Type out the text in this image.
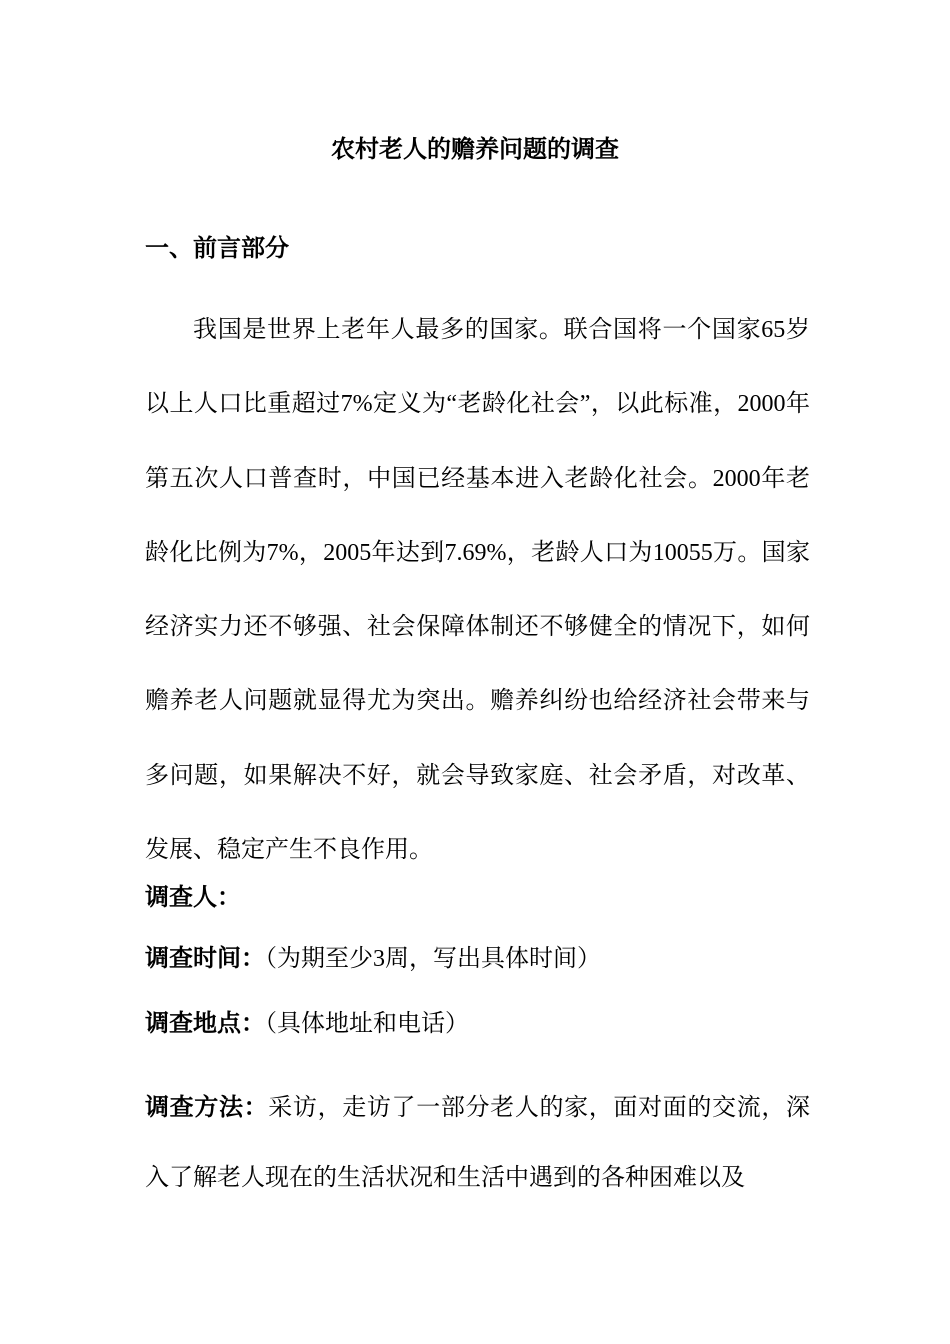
农村老人的赡养问题的调查
一、前言部分

我国是世界上老年人最多的国家。联合国将一个国家65岁以上人口比重超过7%定义为“老龄化社会”，以此标准，2000年第五次人口普查时，中国已经基本进入老龄化社会。2000年老龄化比例为7%，2005年达到7.69%，老龄人口为10055万。国家经济实力还不够强、社会保障体制还不够健全的情况下，如何赡养老人问题就显得尤为突出。赡养纠纷也给经济社会带来与多问题，如果解决不好，就会导致家庭、社会矛盾，对改革、发展、稳定产生不良作用。

调查人：
调查时间：（为期至少3周，写出具体时间）
调查地点：（具体地址和电话）

调查方法：采访，走访了一部分老人的家，面对面的交流，深入了解老人现在的生活状况和生活中遇到的各种困难以及
